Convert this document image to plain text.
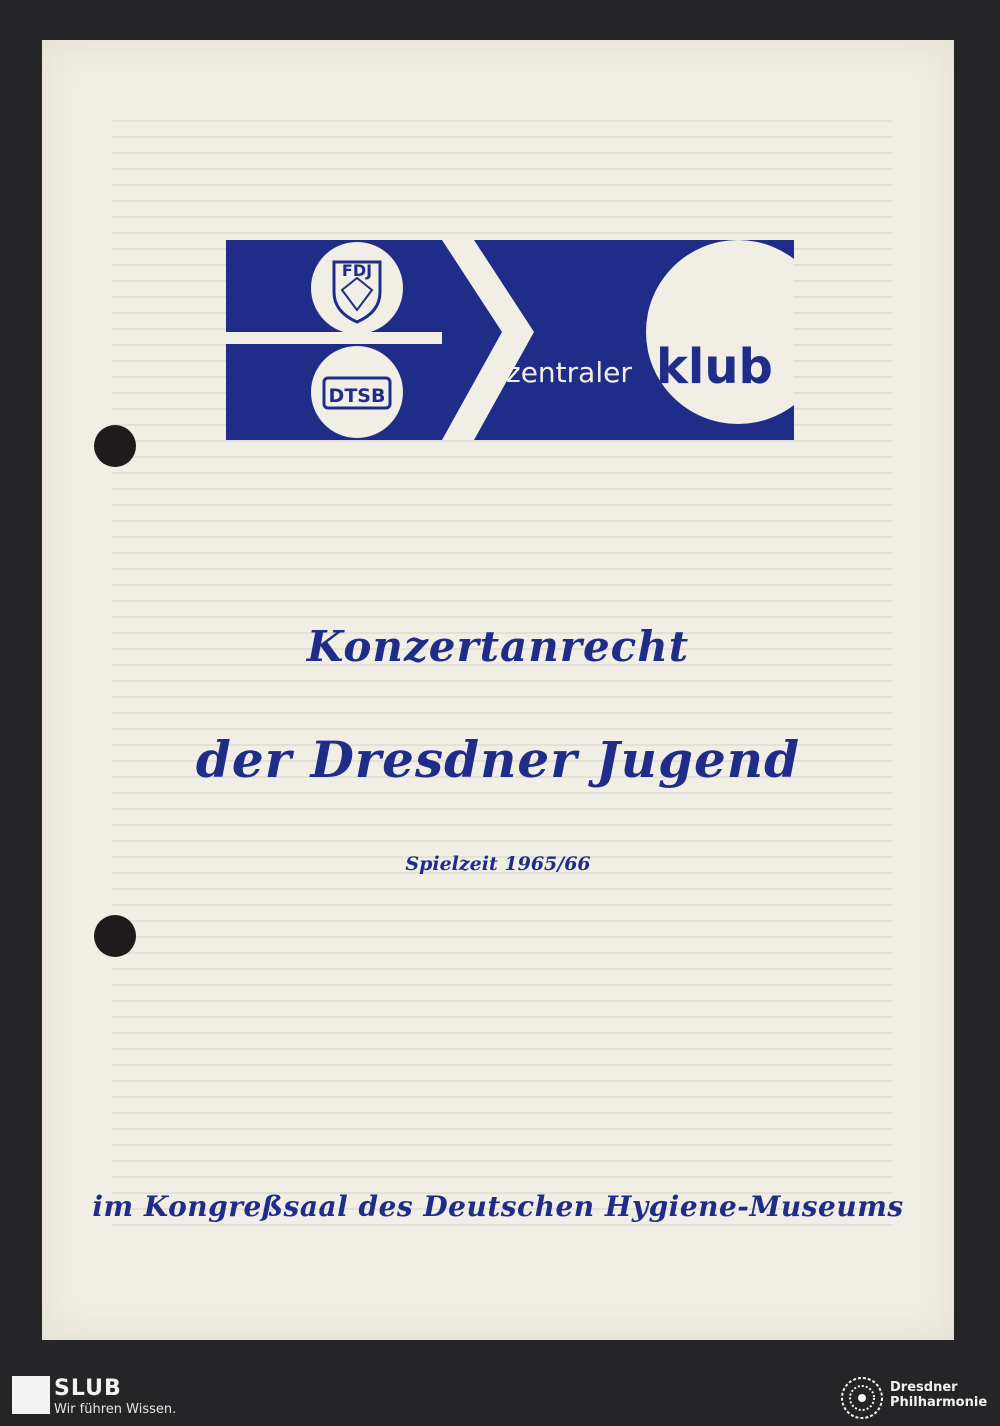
FDJ
DTSB
zentraler klub

Konzertanrecht

der Dresdner Jugend

Spielzeit 1965/66

im Kongreßsaal des Deutschen Hygiene-Museums

SLUB

Wir führen Wissen.

Dresdner Philharmonie
